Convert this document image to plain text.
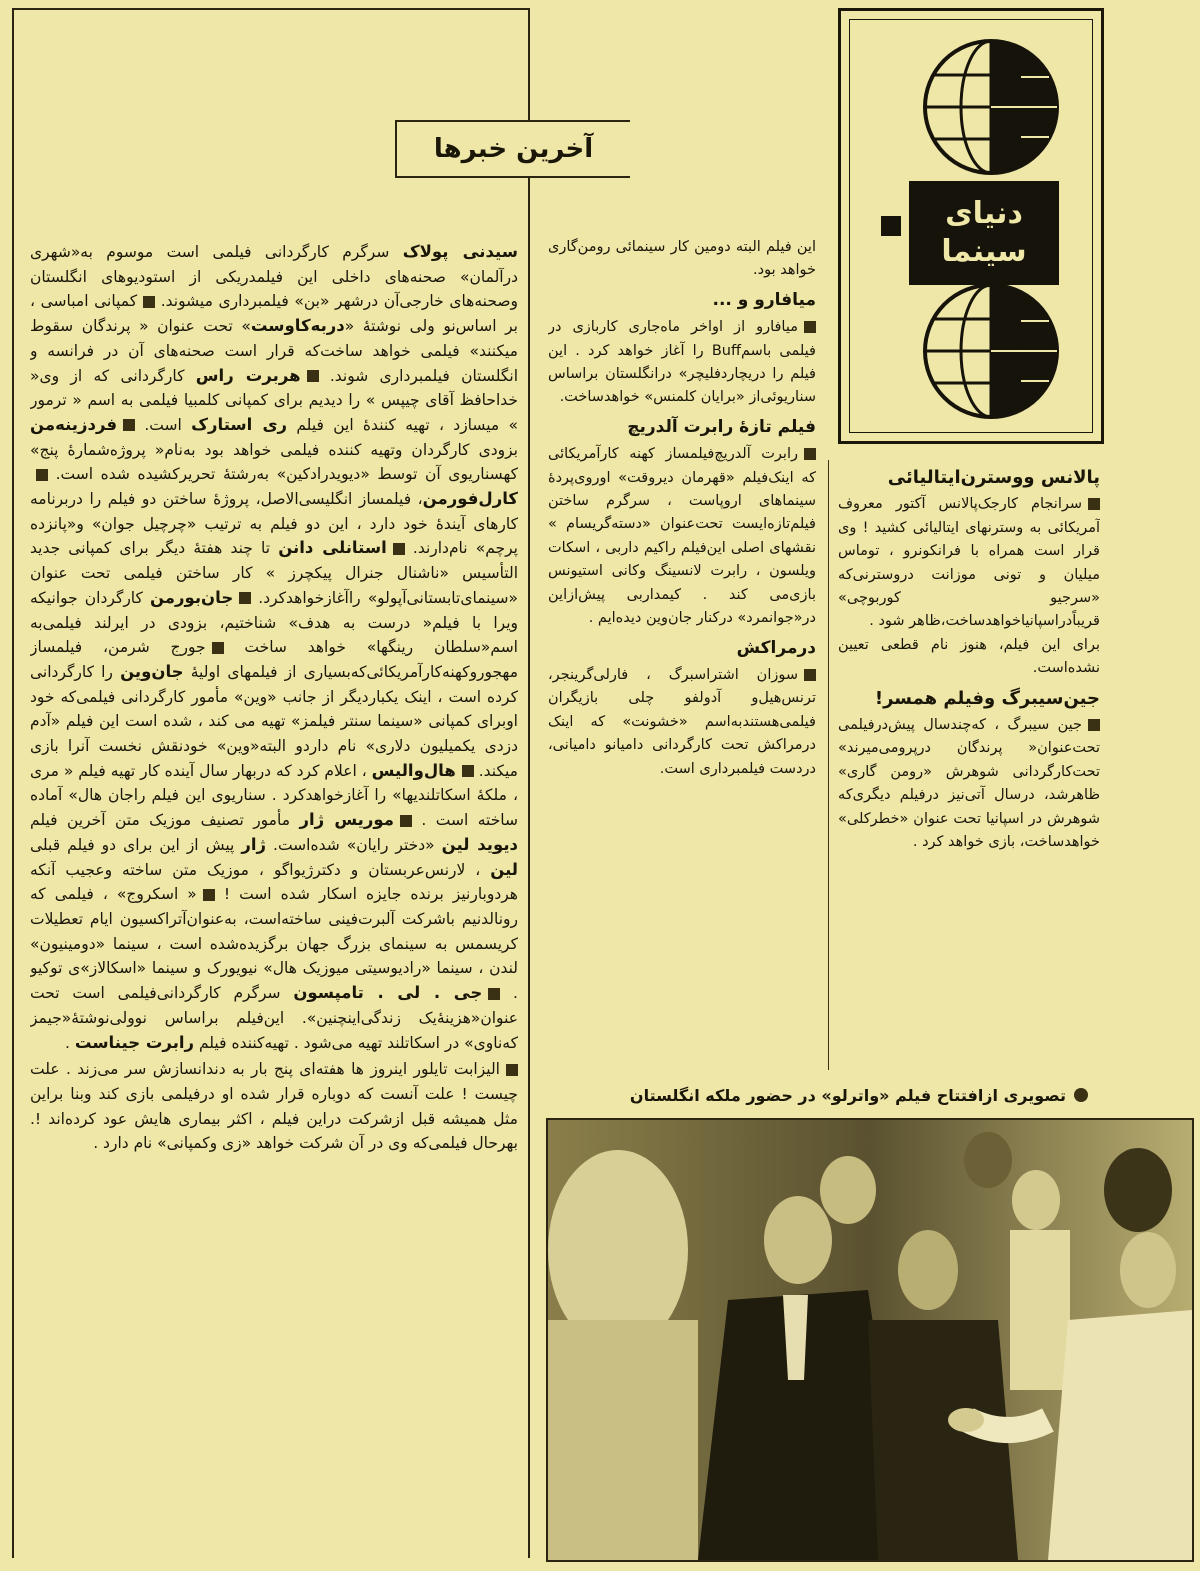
آخرین خبرها

سیدنی پولاک سرگرم کارگردانی فیلمی است موسوم به‌«شهری درآلمان» صحنه‌های داخلی این فیلمدریکی از استودیوهای انگلستان وصحنه‌های خارجی‌آن درشهر «بن» فیلمبرداری میشوند. کمپانی امباسی ، بر اساس‌نو ولی نوشتهٔ «دربه‌کاوست» تحت عنوان « پرندگان سقوط میکنند» فیلمی خواهد ساخت‌که قرار است صحنه‌های آن در فرانسه و انگلستان فیلمبرداری شوند. هربرت راس کارگردانی که از وی« خداحافظ آقای چیپس » را دیدیم برای کمپانی کلمبیا فیلمی به اسم « ترمور » میسازد ، تهیه کنندهٔ این فیلم ری استارک است. فردزینه‌من بزودی کارگردان وتهیه کننده فیلمی خواهد بود به‌نام« پروژه‌شمارهٔ پنج» کهسناریوی آن توسط «دیویدرادکین» به‌رشتهٔ تحریر‌کشیده شده است. کارل‌فورمن، فیلمساز انگلیسی‌الاصل، پروژهٔ ساختن دو فیلم را دربرنامه کارهای آیندهٔ خود دارد ، این دو فیلم به ترتیب «چرچیل جوان» و«پانزده پرچم» نام‌دارند. استانلی دانن تا چند هفتهٔ دیگر برای کمپانی جدید التأسیس «ناشنال جنرال پیکچرز » کار ساختن فیلمی تحت عنوان «سینمای‌تابستانی‌آپولو» راآغازخواهدکرد. جان‌بورمن کارگردان جوانیکه ویرا با فیلم« درست به هدف» شناختیم، بزودی در ایرلند فیلمی‌به اسم«سلطان رینگها» خواهد ساخت جورج شرمن، فیلمساز مهجوروکهنه‌کارآمریکائی‌که‌بسیاری از فیلمهای اولیهٔ جان‌وین را کارگردانی کرده است ، اینک یکباردیگر از جانب «وین» مأمور کارگردانی فیلمی‌که خود اوبرای کمپانی «سینما سنتر فیلمز» تهیه می کند ، شده است این فیلم «آدم دزدی یکمیلیون دلاری» نام داردو البته«وین» خودنقش نخست آنرا بازی میکند. هال‌والیس ، اعلام کرد که دربهار سال آینده کار تهیه فیلم « مری ، ملکهٔ اسکاتلندیها» را آغازخواهدکرد . سناریوی این فیلم راجان هال» آماده ساخته است . موریس ژار مأمور تصنیف موزیک متن آخرین فیلم دیوید لین «دختر رایان» شده‌است. ژار پیش از این برای دو فیلم قبلی لین ، لارنس‌عربستان و دکترژیواگو ، موزیک متن ساخته وعجیب آنکه هردوبارنیز برنده جایزه اسکار شده است ! « اسکروج» ، فیلمی که رونالدنیم باشرکت آلبرت‌فینی ساخته‌است، به‌عنوان‌آتراکسیون ایام تعطیلات کریسمس به سینمای بزرگ جهان برگزیده‌شده است ، سینما «دومینیون» لندن ، سینما «رادیوسیتی میوزیک هال» نیویورک و سینما «اسکالاز»ی توکیو . جی . لی . تامپسون سرگرم کارگردانی‌فیلمی است تحت عنوان«هزینهٔ‌یک زندگی‌اینچنین». این‌فیلم براساس نوولی‌نوشتهٔ«جیمز که‌ناوی» در اسکاتلند تهیه می‌شود . تهیه‌کننده فیلم رابرت جیناست .

الیزابت تایلور اینروز ها هفته‌ای پنج بار به دندانسازش سر می‌زند . علت چیست ! علت آنست که دوباره قرار شده او درفیلمی بازی کند وبنا براین مثل همیشه قبل ازشرکت دراین فیلم ، اکثر بیماری هایش عود کرده‌اند !. بهرحال فیلمی‌که وی در آن شرکت خواهد «زی وکمپانی» نام دارد .

این فیلم البته دومین کار سینمائی رومن‌گاری خواهد بود.

میافارو و ...

میافارو از اواخر ماه‌جاری کاربازی در فیلمی باسم‌Buff را آغاز خواهد کرد . این فیلم را دریچاردفلیچر» درانگلستان براساس سناریوئی‌از «برایان کلمنس» خواهدساخت.

فیلم تازهٔ رابرت آلدریچ

رابرت آلدریچ‌فیلمساز کهنه کارآمریکائی که اینک‌فیلم «قهرمان دیروقت» اوروی‌پردهٔ سینماهای اروپاست ، سرگرم ساختن فیلم‌تازه‌ایست تحت‌عنوان «دسته‌گریسام » نقشهای اصلی این‌فیلم راکیم داربی ، اسکات ویلسون ، رابرت لانسینگ وکانی استیونس بازی‌می کند . کیمداربی پیش‌ازاین در«جوانمرد» درکنار جان‌وین دیده‌ایم .

درمراکش

سوزان اشتراسبرگ ، فارلی‌گرینجر، ترنس‌هیل‌و آدولفو چلی بازیگران فیلمی‌هستندبه‌اسم «خشونت» که اینک درمراکش تحت کارگردانی داميانو دامیانی، دردست فیلمبرداری است.

دنیای
سینما
پالانس ووسترن‌ایتالیائی

سرانجام کارجک‌پالانس آکتور معروف آمریکائی به وسترنهای ایتالیائی کشید ! وی قرار است همراه با فرانکونرو ، توماس میلیان و تونی موزانت دروسترنی‌که «سرجیو کوربوچی» قریباًدراسپانیاخواهدساخت،ظاهر شود .
برای این فیلم، هنوز نام قطعی تعیین نشده‌است.

جین‌سیبرگ وفیلم همسر!

جین سیبرگ ، که‌چندسال پیش‌درفیلمی تحت‌عنوان« پرندگان درپرو‌می‌میرند» تحت‌کارگردانی شوهرش «رومن گاری» ظاهرشد، درسال آتی‌نیز درفیلم دیگری‌که شوهرش در اسپانیا تحت عنوان «خطرکلی» خواهدساخت، بازی خواهد کرد .

تصویری ازافتتاح فیلم «واترلو» در حضور ملکه انگلستان
